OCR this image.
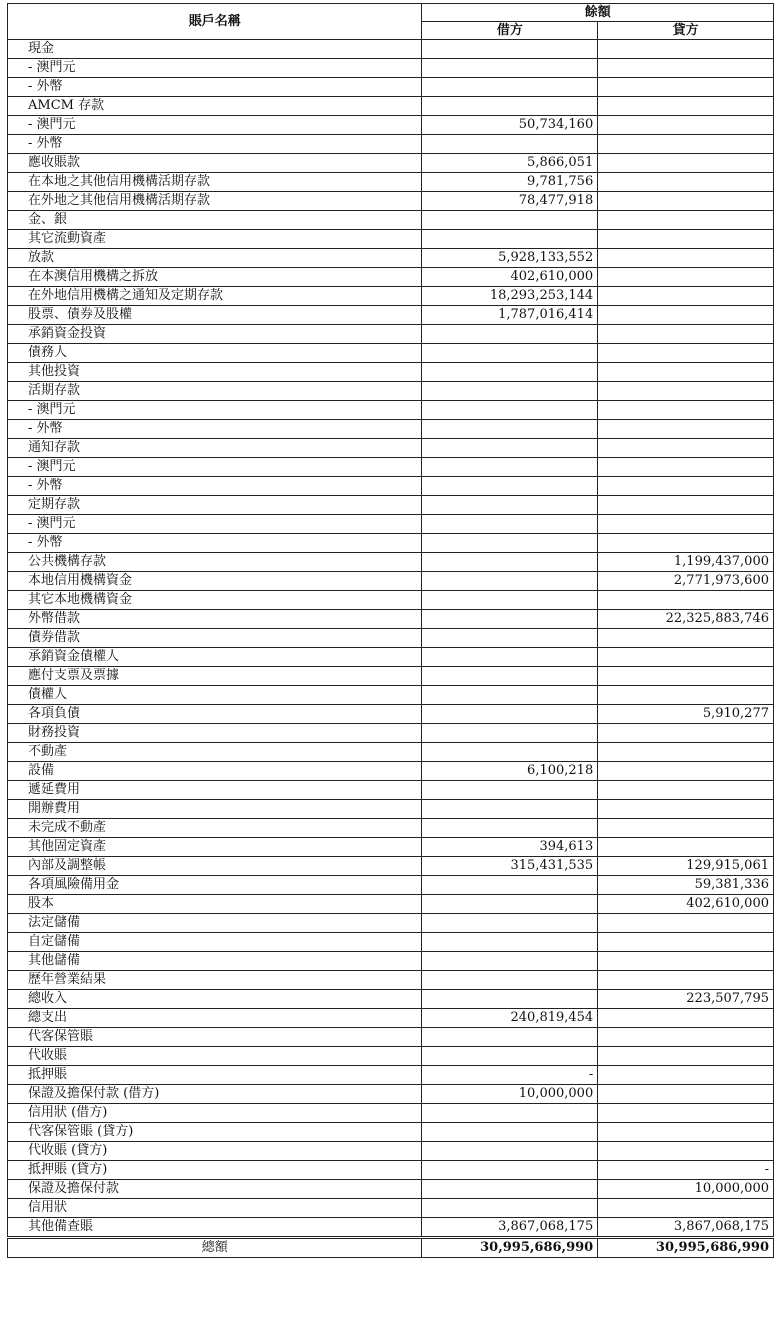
賬戶名稱	餘額	
	借方	貸方
現金		
- 澳門元		
- 外幣		
AMCM 存款		
- 澳門元	50,734,160	
- 外幣		
應收賬款	5,866,051	
在本地之其他信用機構活期存款	9,781,756	
在外地之其他信用機構活期存款	78,477,918	
金、銀		
其它流動資產		
放款	5,928,133,552	
在本澳信用機構之拆放	402,610,000	
在外地信用機構之通知及定期存款	18,293,253,144	
股票、債券及股權	1,787,016,414	
承銷資金投資		
債務人		
其他投資		
活期存款		
- 澳門元		
- 外幣		
通知存款		
- 澳門元		
- 外幣		
定期存款		
- 澳門元		
- 外幣		
公共機構存款		1,199,437,000
本地信用機構資金		2,771,973,600
其它本地機構資金		
外幣借款		22,325,883,746
債券借款		
承銷資金債權人		
應付支票及票據		
債權人		
各項負債		5,910,277
財務投資		
不動產		
設備	6,100,218	
遞延費用		
開辦費用		
未完成不動產		
其他固定資產	394,613	
內部及調整帳	315,431,535	129,915,061
各項風險備用金		59,381,336
股本		402,610,000
法定儲備		
自定儲備		
其他儲備		
歷年營業結果		
總收入		223,507,795
總支出	240,819,454	
代客保管賬		
代收賬		
抵押賬	-	
保證及擔保付款 (借方)	10,000,000	
信用狀 (借方)		
代客保管賬 (貸方)		
代收賬 (貸方)		
抵押賬 (貸方)		-
保證及擔保付款		10,000,000
信用狀		
其他備查賬	3,867,068,175	3,867,068,175
總額	30,995,686,990	30,995,686,990
